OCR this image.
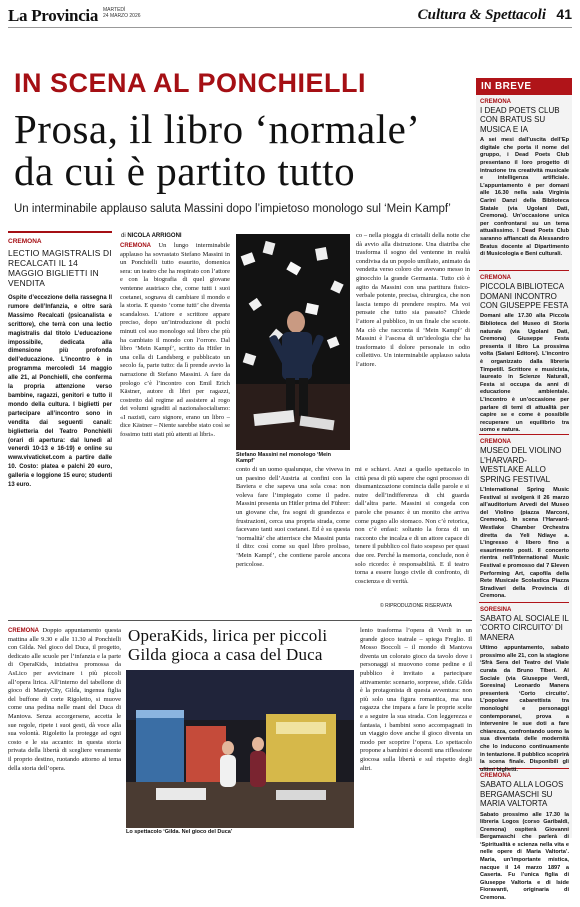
La Provincia MARTEDÌ
24 MARZO 2026	Cultura & Spettacoli 41
IN SCENA AL PONCHIELLI
Prosa, il libro ‘normale’
da cui è partito tutto
Un interminabile applauso saluta Massini dopo l’impietoso monologo sul ‘Mein Kampf’
CREMONA
LECTIO MAGISTRALIS DI RECALCATI IL 14 MAGGIO BIGLIETTI IN VENDITA
Ospite d’eccezione della rassegna Il rumore dell’Infanzia, e oltre sarà Massimo Recalcati (psicanalista e scrittore), che terrà con una lectio magistralis dal titolo L’educazione impossibile, dedicata alla dimensione più profonda dell’educazione. L’incontro è in programma mercoledì 14 maggio alle 21, al Ponchielli, che conferma la propria attenzione verso bambine, ragazzi, genitori e tutto il mondo della cultura. I biglietti per partecipare all’incontro sono in vendita dai seguenti canali: biglietteria del Teatro Ponchielli (orari di apertura: dal lunedì al venerdì 10-13 e 16-19) e online su www.vivaticket.com a partire dalle 10. Costo: platea e palchi 20 euro, galleria e loggione 15 euro; studenti 13 euro.
di NICOLA ARRIGONI
CREMONA Un lungo interminabile applauso ha sovrastato Stefano Massini in un Ponchielli tutto esaurito, domenica sera: un teatro che ha respirato con l’attore e con la biografia di quel giovane ventenne austriaco che, come tutti i suoi coetanei, sognava di cambiare il mondo e la storia. E questo ‘come tutti’ che diventa scandaloso. L’attore e scrittore appare preciso, dopo un’introduzione di pochi minuti col suo monologo sul libro che più ha cambiato il mondo con l’orrore. Dal libro ‘Mein Kampf’, scritto da Hitler in una cella di Landsberg e pubblicato un secolo fa, parte tutto: da lì prende avvio la narrazione di Stefano Massini. A fare da prologo c’è l’incontro con Emil Erich Kästner, autore di libri per ragazzi, costretto dal regime ad assistere al rogo dei volumi sgraditi al nazionalsocialismo: «I nazisti, caro signore, erano un libro – dice Kästner – Niente sarebbe stato così se fossimo tutti stati più attenti ai libri».
Stefano Massini nel monologo ‘Mein Kampf’
conto di un uomo qualunque, che viveva in un paesino dell’Austria ai confini con la Baviera e che sapeva una sola cosa: non voleva fare l’impiegato come il padre. Massini presenta un Hitler prima del Führer: un giovane che, fra sogni di grandezza e frustrazioni, cerca una propria strada, come facevano tanti suoi coetanei. Ed è su questa ‘normalità’ che atterrisce che Massini punta il dito: così come su quel libro prolisso, ‘Mein Kampf’, che contiene parole ancora pericolose.
co – nella pioggia di cristalli della notte che dà avvio alla distruzione. Una diatriba che trasforma il sogno del ventenne in realtà condivisa da un popolo umiliato, animato da vendetta verso coloro che avevano messo in ginocchio la grande Germania. Tutto ciò è agito da Massini con una partitura fisico-verbale potente, precisa, chirurgica, che non lascia tempo di prendere respiro. Ma voi pensate che tutto sia passato? Chiede l’attore al pubblico, in un finale che scuote. Ma ciò che racconta il ‘Mein Kampf’ di Massini è l’ascesa di un’ideologia che ha trasformato il dolore personale in odio collettivo. Un interminabile applauso saluta l’attore.
mi e schiavi. Anzi a quello spettacolo in città pesa di più sapere che ogni processo di disumanizzazione comincia dalle parole e si nutre dell’indifferenza di chi guarda dall’altra parte. Massini si congeda con parole che pesano: è un monito che arriva come pugno allo stomaco. Non c’è retorica, non c’è enfasi: soltanto la forza di un racconto che incalza e di un attore capace di tenere il pubblico col fiato sospeso per quasi due ore. Perché la memoria, conclude, non è solo ricordo: è responsabilità. E il teatro torna a essere luogo civile di confronto, di coscienza e di verità.
© RIPRODUZIONE RISERVATA
IN BREVE
CREMONA
I DEAD POETS CLUB CON BRATUS SU MUSICA E IA
A sei mesi dall’uscita dell’Ep digitale che porta il nome del gruppo, i Dead Poets Club presentano il loro progetto di intrazione tra creatività musicale e intelligenza artificiale. L’appuntamento è per domani alle 16.30 nella sala Virginia Carini Danzi della Biblioteca Statale (via Ugolani Dati, Cremona). Un’occasione unica per confrontarsi su un tema attualissimo. I Dead Poets Club saranno affiancati da Alessandro Bratus docente al Dipartimento di Musicologia e Beni culturali.
CREMONA
PICCOLA BIBLIOTECA DOMANI INCONTRO CON GIUSEPPE FESTA
Domani alle 17.30 alla Piccola Biblioteca del Museo di Storia naturale (via Ugolani Dati, Cremona) Giuseppe Festa presenta il libro La prossima volta (Salani Editore). L’incontro è organizzato dalla libreria Timpetill. Scrittore e musicista, laureato in Scienze Naturali, Festa si occupa da anni di educazione ambientale. L’incontro è un’occasione per parlare di temi di attualità per capire se e come è possibile recuperare un equilibrio tra uomo e natura.
CREMONA
MUSEO DEL VIOLINO L’HARVARD-WESTLAKE ALLO SPRING FESTIVAL
L’International Spring Music Festival si svolgerà il 26 marzo all’auditorium Arvedi del Museo del Violino (piazza Marconi, Cremona). In scena l’Harvard-Westlake Chamber Orchestra diretta da Yeli Ndiaye a. L’ingresso è libero fino a esaurimento posti. Il concerto rientra nell’International Music Festival e promosso dal 7 Eleven Performing Art, capofila della Rete Musicale Scolastica Piazza Stradivari della Provincia di Cremona.
SORESINA
SABATO AL SOCIALE IL ‘CORTO CIRCUITO’ DI MANERA
Ultimo appuntamento, sabato prossimo alle 21, con la stagione ‘Sfrà Sera del Teatro del Viale curata da Bruno Tiberi. Al Sociale (via Giuseppe Verdi, Soresina) Leonardo Manera presenterà ‘Corto circuito’. L’popolare cabarettista tra monologhi e personaggi contemporanei, prova a intervenire le sue doti a fare chiarezza, confrontando uomo la sua diventata delle modernità che lo inducono continuamente in tentazione. Il pubblico scoprirà la scena finale. Disponibili gli ultimi biglietti.
CREMONA
SABATO ALLA LOGOS BERGAMASCHI SU MARIA VALTORTA
Sabato prossimo alle 17.30 la libreria Logos (corso Garibaldi, Cremona) ospiterà Giovanni Bergamaschi che parlerà di ‘Spiritualità e scienza nella vita e nelle opere di Maria Valtorta’. Maria, un’importante mistica, nacque il 14 marzo 1897 a Caserta. Fu l’unica figlia di Giuseppe Valtorta e di Iside Fioravanti, originaria di Cremona.
CREMONA Doppio appuntamento questa mattina alle 9.30 e alle 11.30 al Ponchielli con Gilda. Nel gioco del Duca, il progetto, dedicato alle scuole per l’infanzia e la parte di OperaKids, iniziativa promossa da AsLico per avvicinare i più piccoli all’opera lirica. All’interno del tabellone di gioco di ManiyCity, Gilda, ingenua figlia del buffone di corte Rigoletto, si muove come una pedina nelle mani del Duca di Mantova. Senza accorgersene, accetta le sue regole, ripete i suoi gesti, dà voce alla sua volontà. Rigoletto la protegge ad ogni costo e le sta accanto: in questa storia privata della libertà di scegliere veramente il proprio destino, ruotando attorno al tema della storia dell’opera.
OperaKids, lirica per piccoli
Gilda gioca a casa del Duca
Lo spettacolo ‘Gilda. Nel gioco del Duca’
lento trasforma l’opera di Verdi in un grande gioco teatrale – spiega Freglio. Il Mosso Boccoli – il mondo di Mantova diventa un colorato gioco da tavolo dove i personaggi si muovono come pedine e il pubblico è invitato a partecipare attivamente: scenario, sorprese, sfide. Gilda è la protagonista di questa avventura: non più solo una figura romantica, ma una ragazza che impara a fare le proprie scelte e a seguire la sua strada. Con leggerezza e fantasia, i bambini sono accompagnati in un viaggio dove anche il gioco diventa un modo per scoprire l’opera. Lo spettacolo propone a bambini e docenti una riflessione giocosa sulla libertà e sul rispetto degli altri.
